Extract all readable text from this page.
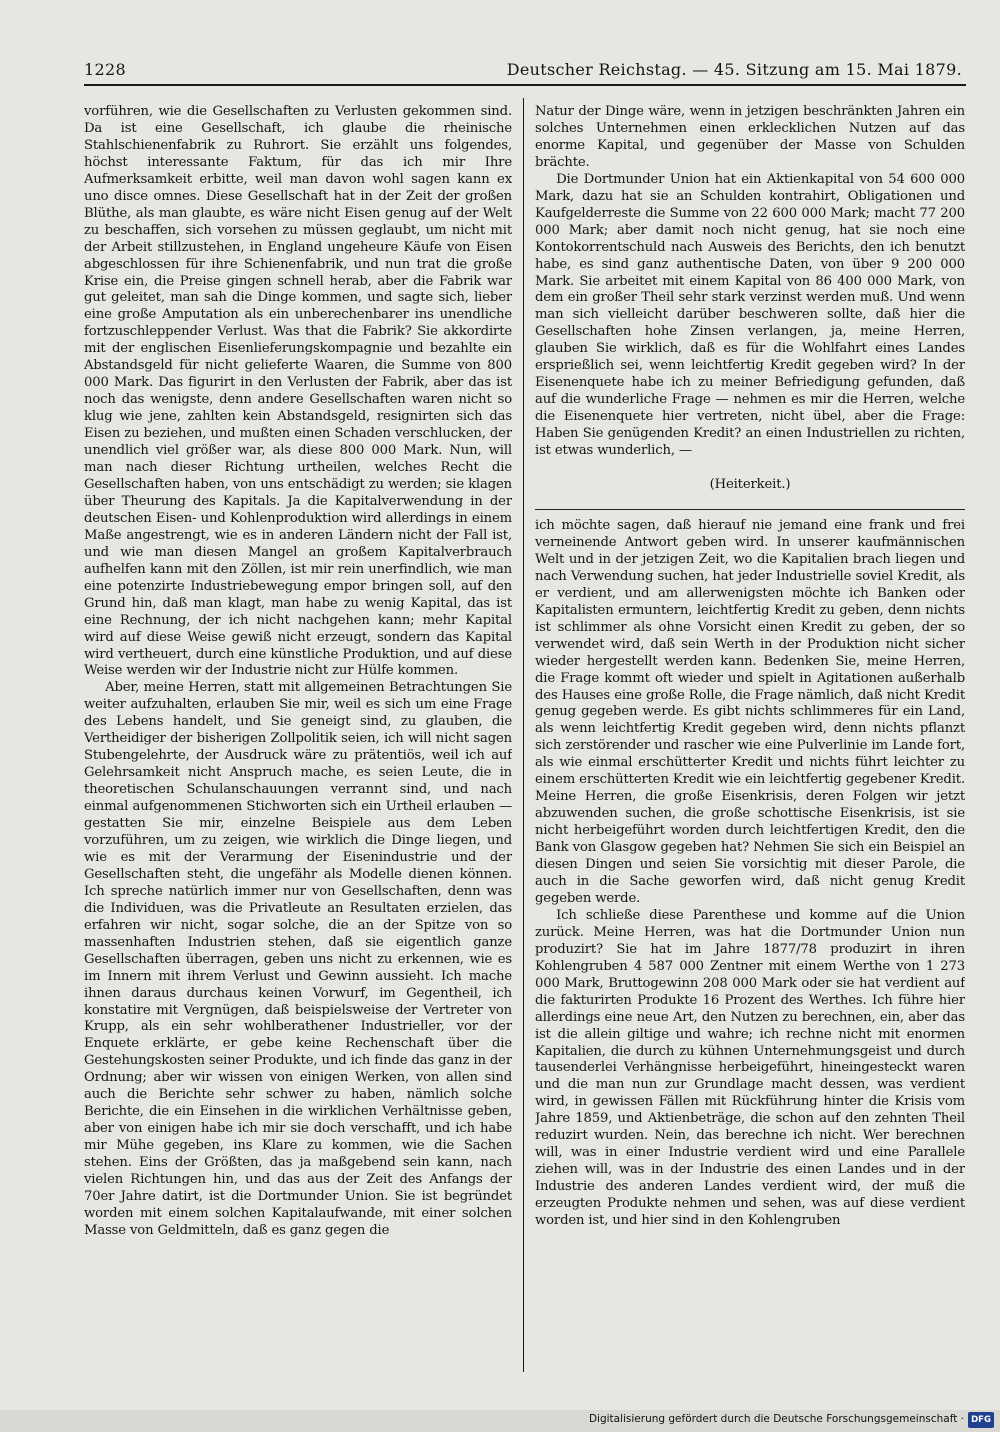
1228	Deutscher Reichstag. — 45. Sitzung am 15. Mai 1879.

vorführen, wie die Gesellschaften zu Verlusten gekommen sind. Da ist eine Gesellschaft, ich glaube die rheinische Stahlschienenfabrik zu Ruhrort. Sie erzählt uns folgendes, höchst interessante Faktum, für das ich mir Ihre Aufmerksamkeit erbitte, weil man davon wohl sagen kann ex uno disce omnes. Diese Gesellschaft hat in der Zeit der großen Blüthe, als man glaubte, es wäre nicht Eisen genug auf der Welt zu beschaffen, sich vorsehen zu müssen geglaubt, um nicht mit der Arbeit stillzustehen, in England ungeheure Käufe von Eisen abgeschlossen für ihre Schienenfabrik, und nun trat die große Krise ein, die Preise gingen schnell herab, aber die Fabrik war gut geleitet, man sah die Dinge kommen, und sagte sich, lieber eine große Amputation als ein unberechenbarer ins unendliche fortzuschleppender Verlust. Was that die Fabrik? Sie akkordirte mit der englischen Eisenlieferungskompagnie und bezahlte ein Abstandsgeld für nicht gelieferte Waaren, die Summe von 800 000 Mark. Das figurirt in den Verlusten der Fabrik, aber das ist noch das wenigste, denn andere Gesellschaften waren nicht so klug wie jene, zahlten kein Abstandsgeld, resignirten sich das Eisen zu beziehen, und mußten einen Schaden verschlucken, der unendlich viel größer war, als diese 800 000 Mark. Nun, will man nach dieser Richtung urtheilen, welches Recht die Gesellschaften haben, von uns entschädigt zu werden; sie klagen über Theurung des Kapitals. Ja die Kapitalverwendung in der deutschen Eisen- und Kohlenproduktion wird allerdings in einem Maße angestrengt, wie es in anderen Ländern nicht der Fall ist, und wie man diesen Mangel an großem Kapitalverbrauch aufhelfen kann mit den Zöllen, ist mir rein unerfindlich, wie man eine potenzirte Industriebewegung empor bringen soll, auf den Grund hin, daß man klagt, man habe zu wenig Kapital, das ist eine Rechnung, der ich nicht nachgehen kann; mehr Kapital wird auf diese Weise gewiß nicht erzeugt, sondern das Kapital wird vertheuert, durch eine künstliche Produktion, und auf diese Weise werden wir der Industrie nicht zur Hülfe kommen.

Aber, meine Herren, statt mit allgemeinen Betrachtungen Sie weiter aufzuhalten, erlauben Sie mir, weil es sich um eine Frage des Lebens handelt, und Sie geneigt sind, zu glauben, die Vertheidiger der bisherigen Zollpolitik seien, ich will nicht sagen Stubengelehrte, der Ausdruck wäre zu prätentiös, weil ich auf Gelehrsamkeit nicht Anspruch mache, es seien Leute, die in theoretischen Schulanschauungen verrannt sind, und nach einmal aufgenommenen Stichworten sich ein Urtheil erlauben — gestatten Sie mir, einzelne Beispiele aus dem Leben vorzuführen, um zu zeigen, wie wirklich die Dinge liegen, und wie es mit der Verarmung der Eisenindustrie und der Gesellschaften steht, die ungefähr als Modelle dienen können. Ich spreche natürlich immer nur von Gesellschaften, denn was die Individuen, was die Privatleute an Resultaten erzielen, das erfahren wir nicht, sogar solche, die an der Spitze von so massenhaften Industrien stehen, daß sie eigentlich ganze Gesellschaften überragen, geben uns nicht zu erkennen, wie es im Innern mit ihrem Verlust und Gewinn aussieht. Ich mache ihnen daraus durchaus keinen Vorwurf, im Gegentheil, ich konstatire mit Vergnügen, daß beispielsweise der Vertreter von Krupp, als ein sehr wohlberathener Industrieller, vor der Enquete erklärte, er gebe keine Rechenschaft über die Gestehungskosten seiner Produkte, und ich finde das ganz in der Ordnung; aber wir wissen von einigen Werken, von allen sind auch die Berichte sehr schwer zu haben, nämlich solche Berichte, die ein Einsehen in die wirklichen Verhältnisse geben, aber von einigen habe ich mir sie doch verschafft, und ich habe mir Mühe gegeben, ins Klare zu kommen, wie die Sachen stehen. Eins der Größten, das ja maßgebend sein kann, nach vielen Richtungen hin, und das aus der Zeit des Anfangs der 70er Jahre datirt, ist die Dortmunder Union. Sie ist begründet worden mit einem solchen Kapitalaufwande, mit einer solchen Masse von Geldmitteln, daß es ganz gegen die

Natur der Dinge wäre, wenn in jetzigen beschränkten Jahren ein solches Unternehmen einen erklecklichen Nutzen auf das enorme Kapital, und gegenüber der Masse von Schulden brächte.

Die Dortmunder Union hat ein Aktienkapital von 54 600 000 Mark, dazu hat sie an Schulden kontrahirt, Obligationen und Kaufgelderreste die Summe von 22 600 000 Mark; macht 77 200 000 Mark; aber damit noch nicht genug, hat sie noch eine Kontokorrentschuld nach Ausweis des Berichts, den ich benutzt habe, es sind ganz authentische Daten, von über 9 200 000 Mark. Sie arbeitet mit einem Kapital von 86 400 000 Mark, von dem ein großer Theil sehr stark verzinst werden muß. Und wenn man sich vielleicht darüber beschweren sollte, daß hier die Gesellschaften hohe Zinsen verlangen, ja, meine Herren, glauben Sie wirklich, daß es für die Wohlfahrt eines Landes ersprießlich sei, wenn leichtfertig Kredit gegeben wird? In der Eisenenquete habe ich zu meiner Befriedigung gefunden, daß auf die wunderliche Frage — nehmen es mir die Herren, welche die Eisenenquete hier vertreten, nicht übel, aber die Frage: Haben Sie genügenden Kredit? an einen Industriellen zu richten, ist etwas wunderlich, —

(Heiterkeit.)

ich möchte sagen, daß hierauf nie jemand eine frank und frei verneinende Antwort geben wird. In unserer kaufmännischen Welt und in der jetzigen Zeit, wo die Kapitalien brach liegen und nach Verwendung suchen, hat jeder Industrielle soviel Kredit, als er verdient, und am allerwenigsten möchte ich Banken oder Kapitalisten ermuntern, leichtfertig Kredit zu geben, denn nichts ist schlimmer als ohne Vorsicht einen Kredit zu geben, der so verwendet wird, daß sein Werth in der Produktion nicht sicher wieder hergestellt werden kann. Bedenken Sie, meine Herren, die Frage kommt oft wieder und spielt in Agitationen außerhalb des Hauses eine große Rolle, die Frage nämlich, daß nicht Kredit genug gegeben werde. Es gibt nichts schlimmeres für ein Land, als wenn leichtfertig Kredit gegeben wird, denn nichts pflanzt sich zerstörender und rascher wie eine Pulverlinie im Lande fort, als wie einmal erschütterter Kredit und nichts führt leichter zu einem erschütterten Kredit wie ein leichtfertig gegebener Kredit. Meine Herren, die große Eisenkrisis, deren Folgen wir jetzt abzuwenden suchen, die große schottische Eisenkrisis, ist sie nicht herbeigeführt worden durch leichtfertigen Kredit, den die Bank von Glasgow gegeben hat? Nehmen Sie sich ein Beispiel an diesen Dingen und seien Sie vorsichtig mit dieser Parole, die auch in die Sache geworfen wird, daß nicht genug Kredit gegeben werde.

Ich schließe diese Parenthese und komme auf die Union zurück. Meine Herren, was hat die Dortmunder Union nun produzirt? Sie hat im Jahre 1877/78 produzirt in ihren Kohlengruben 4 587 000 Zentner mit einem Werthe von 1 273 000 Mark, Bruttogewinn 208 000 Mark oder sie hat verdient auf die fakturirten Produkte 16 Prozent des Werthes. Ich führe hier allerdings eine neue Art, den Nutzen zu berechnen, ein, aber das ist die allein giltige und wahre; ich rechne nicht mit enormen Kapitalien, die durch zu kühnen Unternehmungsgeist und durch tausenderlei Verhängnisse herbeigeführt, hineingesteckt waren und die man nun zur Grundlage macht dessen, was verdient wird, in gewissen Fällen mit Rückführung hinter die Krisis vom Jahre 1859, und Aktienbeträge, die schon auf den zehnten Theil reduzirt wurden. Nein, das berechne ich nicht. Wer berechnen will, was in einer Industrie verdient wird und eine Parallele ziehen will, was in der Industrie des einen Landes und in der Industrie des anderen Landes verdient wird, der muß die erzeugten Produkte nehmen und sehen, was auf diese verdient worden ist, und hier sind in den Kohlengruben

Digitalisierung gefördert durch die Deutsche Forschungsgemeinschaft · DFG
